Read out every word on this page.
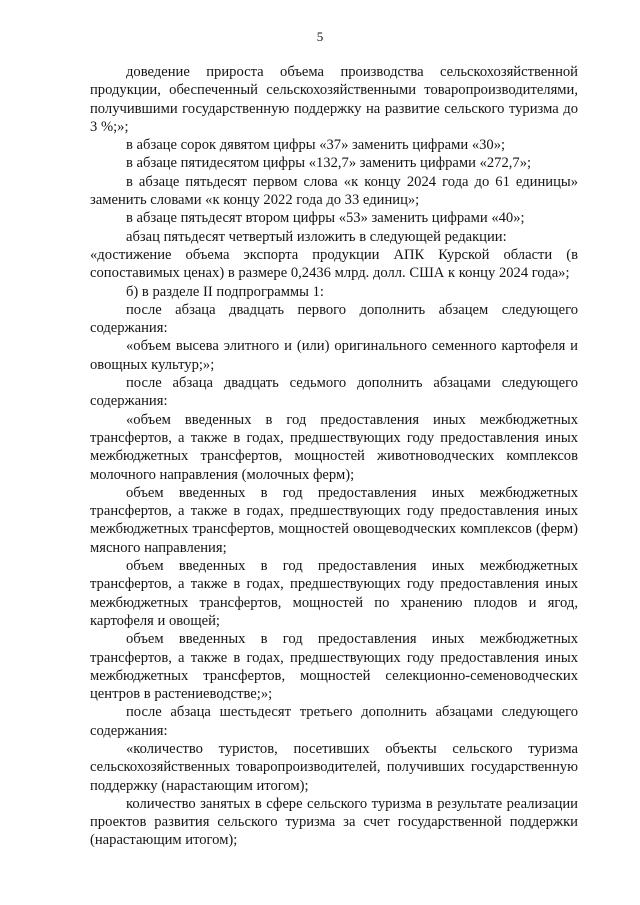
5

доведение прироста объема производства сельскохозяйственной продукции, обеспеченный сельскохозяйственными товаропроизводителями, получившими государственную поддержку на развитие сельского туризма до 3 %;»;

в абзаце сорок дявятом цифры «37» заменить цифрами «30»;

в абзаце пятидесятом цифры «132,7» заменить цифрами «272,7»;

в абзаце пятьдесят первом слова «к концу 2024 года до 61 единицы» заменить словами «к концу 2022 года до 33 единиц»;

в абзаце пятьдесят втором цифры «53» заменить цифрами «40»;

абзац пятьдесят четвертый изложить в следующей редакции:

«достижение объема экспорта продукции АПК Курской области (в сопоставимых ценах) в размере 0,2436 млрд. долл. США к концу 2024 года»;

б) в разделе II подпрограммы 1:

после абзаца двадцать первого дополнить абзацем следующего содержания:

«объем высева элитного и (или) оригинального семенного картофеля и овощных культур;»;

после абзаца двадцать седьмого дополнить абзацами следующего содержания:

«объем введенных в год предоставления иных межбюджетных трансфертов, а также в годах, предшествующих году предоставления иных межбюджетных трансфертов, мощностей животноводческих комплексов молочного направления (молочных ферм);

объем введенных в год предоставления иных межбюджетных трансфертов, а также в годах, предшествующих году предоставления иных межбюджетных трансфертов, мощностей овощеводческих комплексов (ферм) мясного направления;

объем введенных в год предоставления иных межбюджетных трансфертов, а также в годах, предшествующих году предоставления иных межбюджетных трансфертов, мощностей по хранению плодов и ягод, картофеля и овощей;

объем введенных в год предоставления иных межбюджетных трансфертов, а также в годах, предшествующих году предоставления иных межбюджетных трансфертов, мощностей селекционно-семеноводческих центров в растениеводстве;»;

после абзаца шестьдесят третьего дополнить абзацами следующего содержания:

«количество туристов, посетивших объекты сельского туризма сельскохозяйственных товаропроизводителей, получивших государственную поддержку (нарастающим итогом);

количество занятых в сфере сельского туризма в результате реализации проектов развития сельского туризма за счет государственной поддержки (нарастающим итогом);
